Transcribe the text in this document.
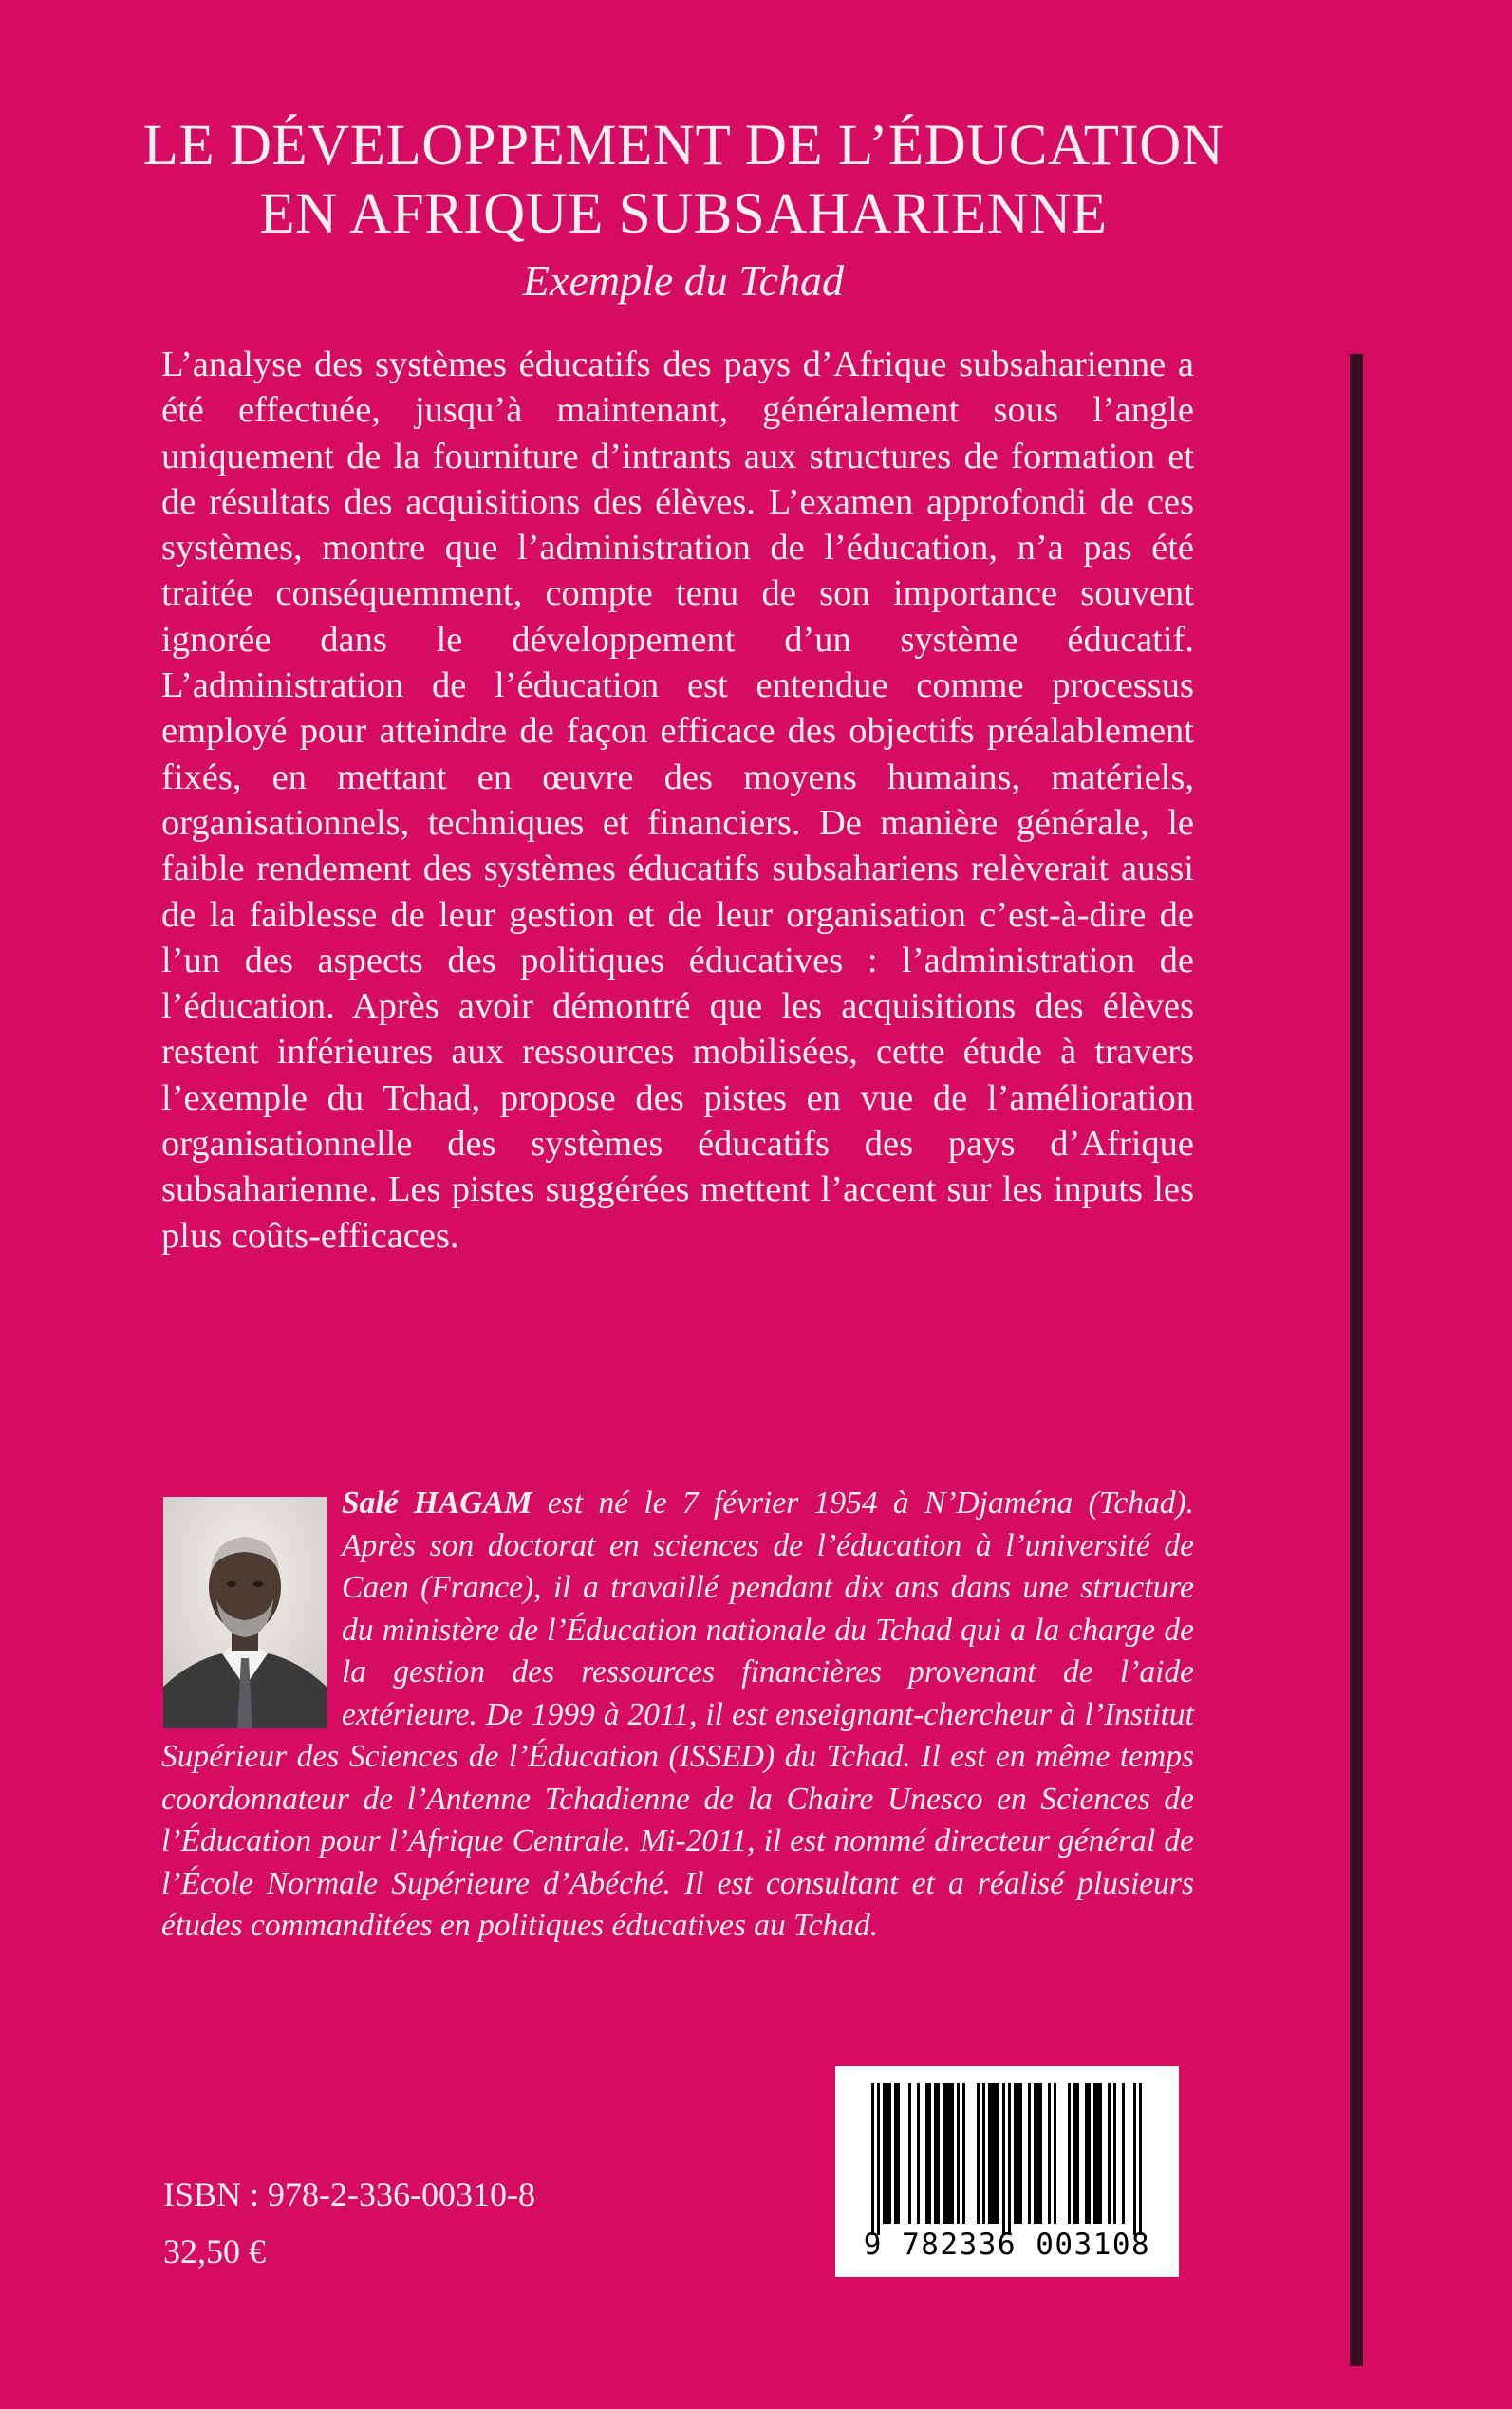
LE DÉVELOPPEMENT DE L’ÉDUCATION
EN AFRIQUE SUBSAHARIENNE
Exemple du Tchad
L’analyse des systèmes éducatifs des pays d’Afrique subsaharienne a été effectuée, jusqu’à maintenant, généralement sous l’angle uniquement de la fourniture d’intrants aux structures de formation et de résultats des acquisitions des élèves. L’examen approfondi de ces systèmes, montre que l’administration de l’éducation, n’a pas été traitée conséquemment, compte tenu de son importance souvent ignorée dans le développement d’un système éducatif. L’administration de l’éducation est entendue comme processus employé pour atteindre de façon efficace des objectifs préalablement fixés, en mettant en œuvre des moyens humains, matériels, organisationnels, techniques et financiers. De manière générale, le faible rendement des systèmes éducatifs subsahariens relèverait aussi de la faiblesse de leur gestion et de leur organisation c’est-à-dire de l’un des aspects des politiques éducatives : l’administration de l’éducation. Après avoir démontré que les acquisitions des élèves restent inférieures aux ressources mobilisées, cette étude à travers l’exemple du Tchad, propose des pistes en vue de l’amélioration organisationnelle des systèmes éducatifs des pays d’Afrique subsaharienne. Les pistes suggérées mettent l’accent sur les inputs les plus coûts-efficaces.
Salé HAGAM est né le 7 février 1954 à N’Djaména (Tchad). Après son doctorat en sciences de l’éducation à l’université de Caen (France), il a travaillé pendant dix ans dans une structure du ministère de l’Éducation nationale du Tchad qui a la charge de la gestion des ressources financières provenant de l’aide extérieure. De 1999 à 2011, il est enseignant-chercheur à l’Institut Supérieur des Sciences de l’Éducation (ISSED) du Tchad. Il est en même temps coordonnateur de l’Antenne Tchadienne de la Chaire Unesco en Sciences de l’Éducation pour l’Afrique Centrale. Mi-2011, il est nommé directeur général de l’École Normale Supérieure d’Abéché. Il est consultant et a réalisé plusieurs études commanditées en politiques éducatives au Tchad.
ISBN : 978-2-336-00310-8
32,50 €	9 782336 003108
